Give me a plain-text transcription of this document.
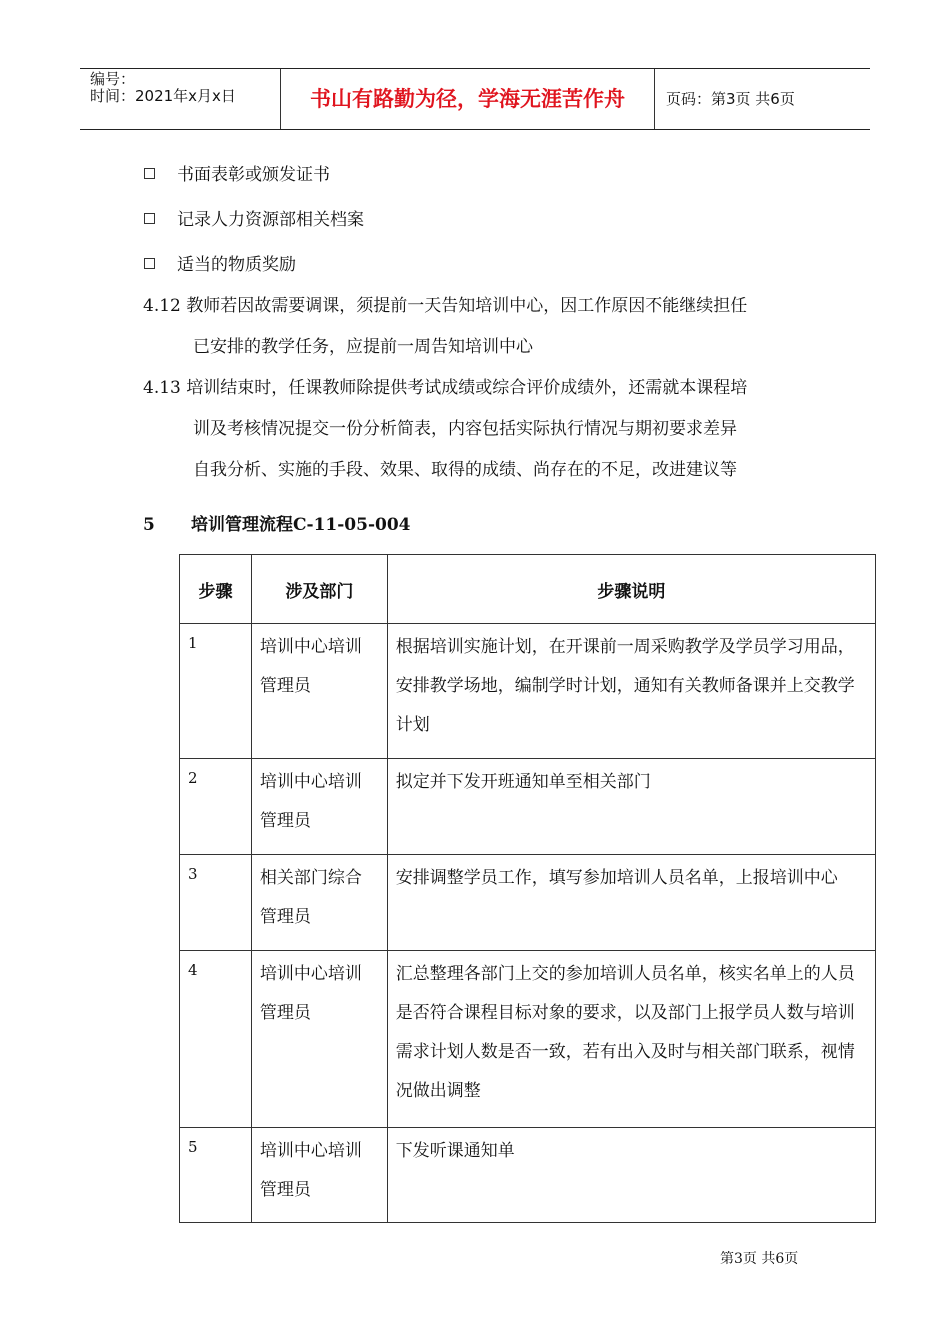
编号：
时间：2021年x月x日	书山有路勤为径，学海无涯苦作舟	页码：第3页 共6页
书面表彰或颁发证书
记录人力资源部相关档案
适当的物质奖励
4.12 教师若因故需要调课，须提前一天告知培训中心，因工作原因不能继续担任
已安排的教学任务，应提前一周告知培训中心
4.13 培训结束时，任课教师除提供考试成绩或综合评价成绩外，还需就本课程培
训及考核情况提交一份分析简表，内容包括实际执行情况与期初要求差异
自我分析、实施的手段、效果、取得的成绩、尚存在的不足，改进建议等
5 培训管理流程C-11-05-004
步骤	涉及部门	步骤说明
1	培训中心培训管理员	根据培训实施计划，在开课前一周采购教学及学员学习用品，安排教学场地，编制学时计划，通知有关教师备课并上交教学计划
2	培训中心培训管理员	拟定并下发开班通知单至相关部门
3	相关部门综合管理员	安排调整学员工作，填写参加培训人员名单，上报培训中心
4	培训中心培训管理员	汇总整理各部门上交的参加培训人员名单，核实名单上的人员是否符合课程目标对象的要求，以及部门上报学员人数与培训需求计划人数是否一致，若有出入及时与相关部门联系，视情况做出调整
5	培训中心培训管理员	下发听课通知单
第3页 共6页
